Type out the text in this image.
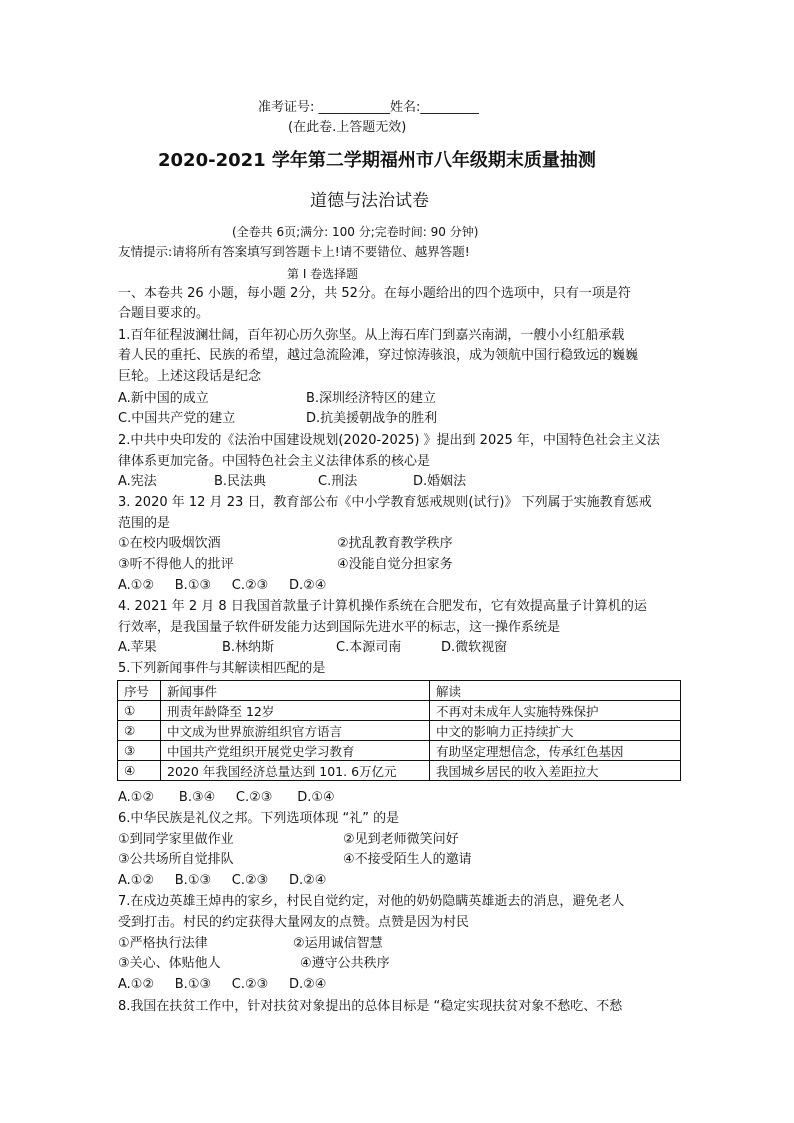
准考证号: ___________姓名:_________
(在此卷.上答题无效)
2020-2021 学年第二学期福州市八年级期末质量抽测
道德与法治试卷
(全卷共 6页;满分: 100 分;完卷时间: 90 分钟)
友情提示:请将所有答案填写到答题卡上!请不要错位、越界答题!
第 I 卷选择题
一、本卷共 26 小题，每小题 2分，共 52分。在每小题给出的四个选项中，只有一项是符
合题目要求的。
1.百年征程波澜壮阔，百年初心历久弥坚。从上海石库门到嘉兴南湖，一艘小小红船承载
着人民的重托、民族的希望，越过急流险滩，穿过惊涛骇浪，成为领航中国行稳致远的巍巍
巨轮。上述这段话是纪念
A.新中国的成立	B.深圳经济特区的建立
C.中国共产党的建立	D.抗美援朝战争的胜利
2.中共中央印发的《法治中国建设规划(2020-2025) 》提出到 2025 年，中国特色社会主义法
律体系更加完备。中国特色社会主义法律体系的核心是
A.宪法	B.民法典	C.刑法	D.婚姻法
3. 2020 年 12 月 23 日，教育部公布《中小学教育惩戒规则(试行)》 下列属于实施教育惩戒
范围的是
①在校内吸烟饮酒	②扰乱教育教学秩序
③听不得他人的批评	④没能自觉分担家务
A.①②     B.①③     C.②③     D.②④
4. 2021 年 2 月 8 日我国首款量子计算机操作系统在合肥发布，它有效提高量子计算机的运
行效率，是我国量子软件研发能力达到国际先进水平的标志，这一操作系统是
A.苹果	B.林纳斯	C.本源司南	D.微软视窗
5.下列新闻事件与其解读相匹配的是
序号	新闻事件	解读
①	刑责年龄降至 12岁	不再对未成年人实施特殊保护
②	中文成为世界旅游组织官方语言	中文的影响力正持续扩大
③	中国共产党组织开展党史学习教育	有助坚定理想信念，传承红色基因
④	2020 年我国经济总量达到 101. 6万亿元	我国城乡居民的收入差距拉大
A.①②      B.③④     C.②③      D.①④
6.中华民族是礼仪之邦。下列选项体现 “礼” 的是
①到同学家里做作业	②见到老师微笑问好
③公共场所自觉排队	④不接受陌生人的邀请
A.①②     B.①③     C.②③     D.②④
7.在戍边英雄王焯冉的家乡，村民自觉约定，对他的奶奶隐瞒英雄逝去的消息，避免老人
受到打击。村民的约定获得大量网友的点赞。点赞是因为村民
①严格执行法律	②运用诚信智慧
③关心、体贴他人	④遵守公共秩序
A.①②     B.①③     C.②③     D.②④
8.我国在扶贫工作中，针对扶贫对象提出的总体目标是 “稳定实现扶贫对象不愁吃、不愁
